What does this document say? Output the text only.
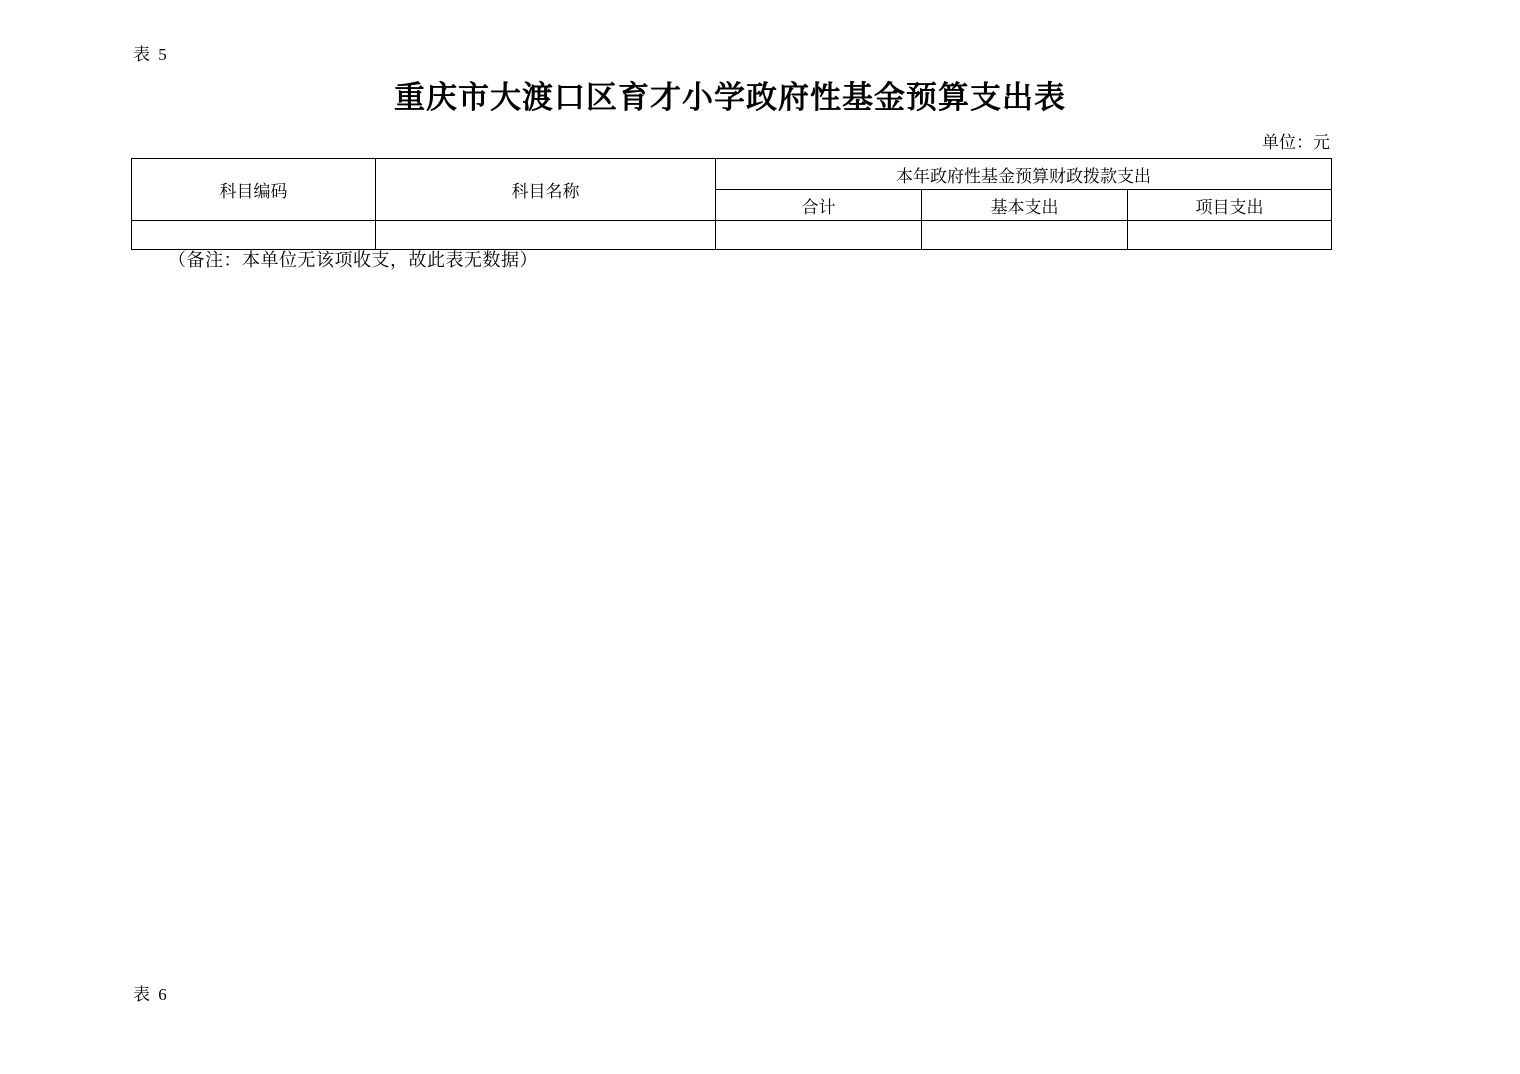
表 5
重庆市大渡口区育才小学政府性基金预算支出表
单位：元
科目编码	科目名称	本年政府性基金预算财政拨款支出		
		合计	基本支出	项目支出

（备注：本单位无该项收支，故此表无数据）
表 6
